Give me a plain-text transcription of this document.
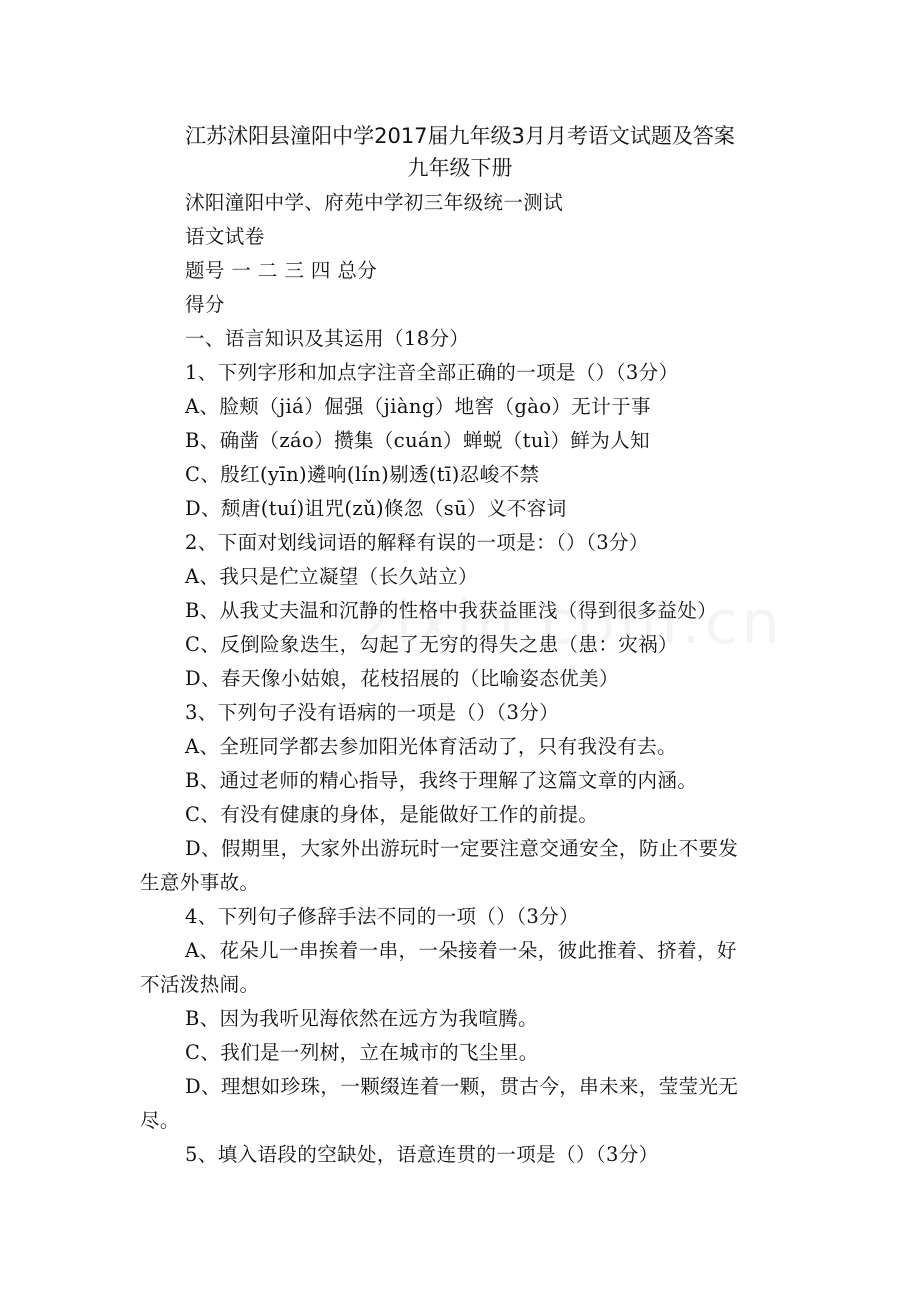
江苏沭阳县潼阳中学2017届九年级3月月考语文试题及答案
九年级下册
沭阳潼阳中学、府苑中学初三年级统一测试
语文试卷
题号 一 二 三 四 总分
得分
一、语言知识及其运用（18分）
1、下列字形和加点字注音全部正确的一项是（）（3分）
A、脸颊（jiá）倔强（jiàng）地窖（gào）无计于事
B、确凿（záo）攒集（cuán）蝉蜕（tuì）鲜为人知
C、殷红(yīn)遴响(lín)剔透(tī)忍峻不禁
D、颓唐(tuí)诅咒(zǔ)倏忽（sū）义不容词
2、下面对划线词语的解释有误的一项是：（）（3分）
A、我只是伫立凝望（长久站立）
B、从我丈夫温和沉静的性格中我获益匪浅（得到很多益处）
C、反倒险象迭生，勾起了无穷的得失之患（患：灾祸）
D、春天像小姑娘，花枝招展的（比喻姿态优美）
3、下列句子没有语病的一项是（）（3分）
A、全班同学都去参加阳光体育活动了，只有我没有去。
B、通过老师的精心指导，我终于理解了这篇文章的内涵。
C、有没有健康的身体，是能做好工作的前提。
D、假期里，大家外出游玩时一定要注意交通安全，防止不要发
生意外事故。
4、下列句子修辞手法不同的一项（）（3分）
A、花朵儿一串挨着一串，一朵接着一朵，彼此推着、挤着，好
不活泼热闹。
B、因为我听见海依然在远方为我喧腾。
C、我们是一列树，立在城市的飞尘里。
D、理想如珍珠，一颗缀连着一颗，贯古今，串未来，莹莹光无
尽。
5、填入语段的空缺处，语意连贯的一项是（）（3分）
